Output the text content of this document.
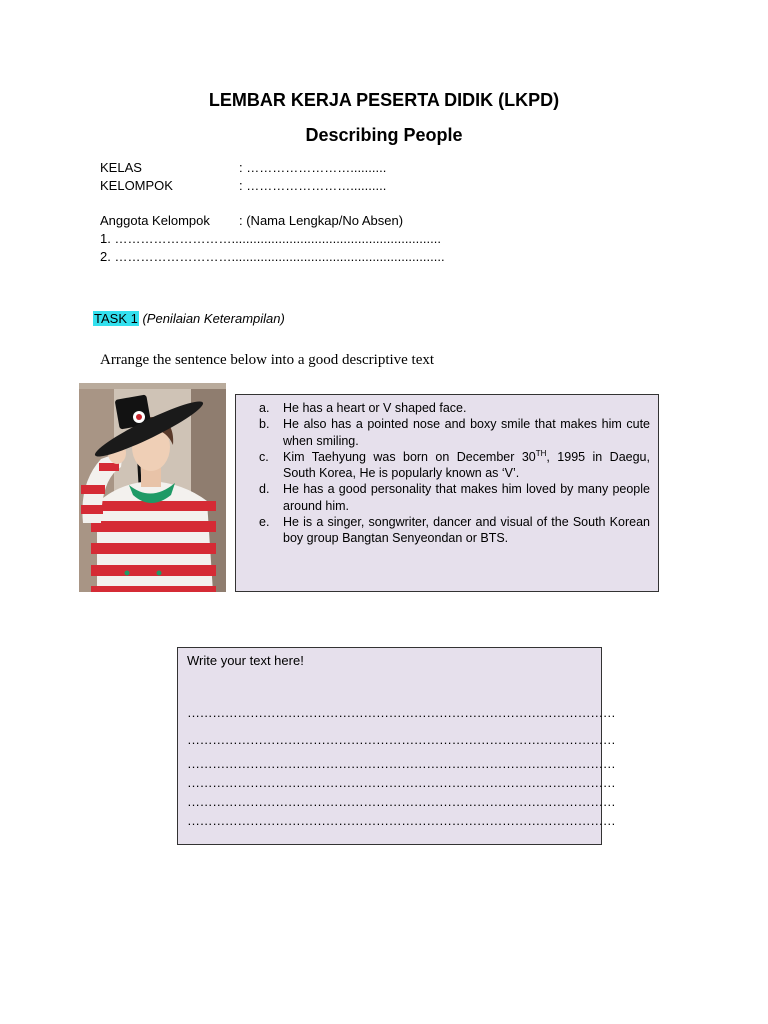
LEMBAR KERJA PESERTA DIDIK (LKPD)
Describing People
KELAS	: ……………………..........
KELOMPOK	: ……………………..........
Anggota Kelompok : (Nama Lengkap/No Absen)
1. ………………………..........................................................
2. ………………………...........................................................
TASK 1 (Penilaian Keterampilan)
Arrange the sentence below into a good descriptive text
a.	He has a heart or V shaped face.
b.	He also has a pointed nose and boxy smile that makes him cute when smiling.
c.	Kim Taehyung was born on December 30TH, 1995 in Daegu, South Korea, He is popularly known as ‘V’.
d.	He has a good personality that makes him loved by many people around him.
e.	He is a singer, songwriter, dancer and visual of the South Korean boy group Bangtan Senyeondan or BTS.
Write your text here!
…………………………………………………………………………………………
…………………………………………………………………………………………
…………………………………………………………………………………………
…………………………………………………………………………………………
…………………………………………………………………………………………
…………………………………………………………………………………………
